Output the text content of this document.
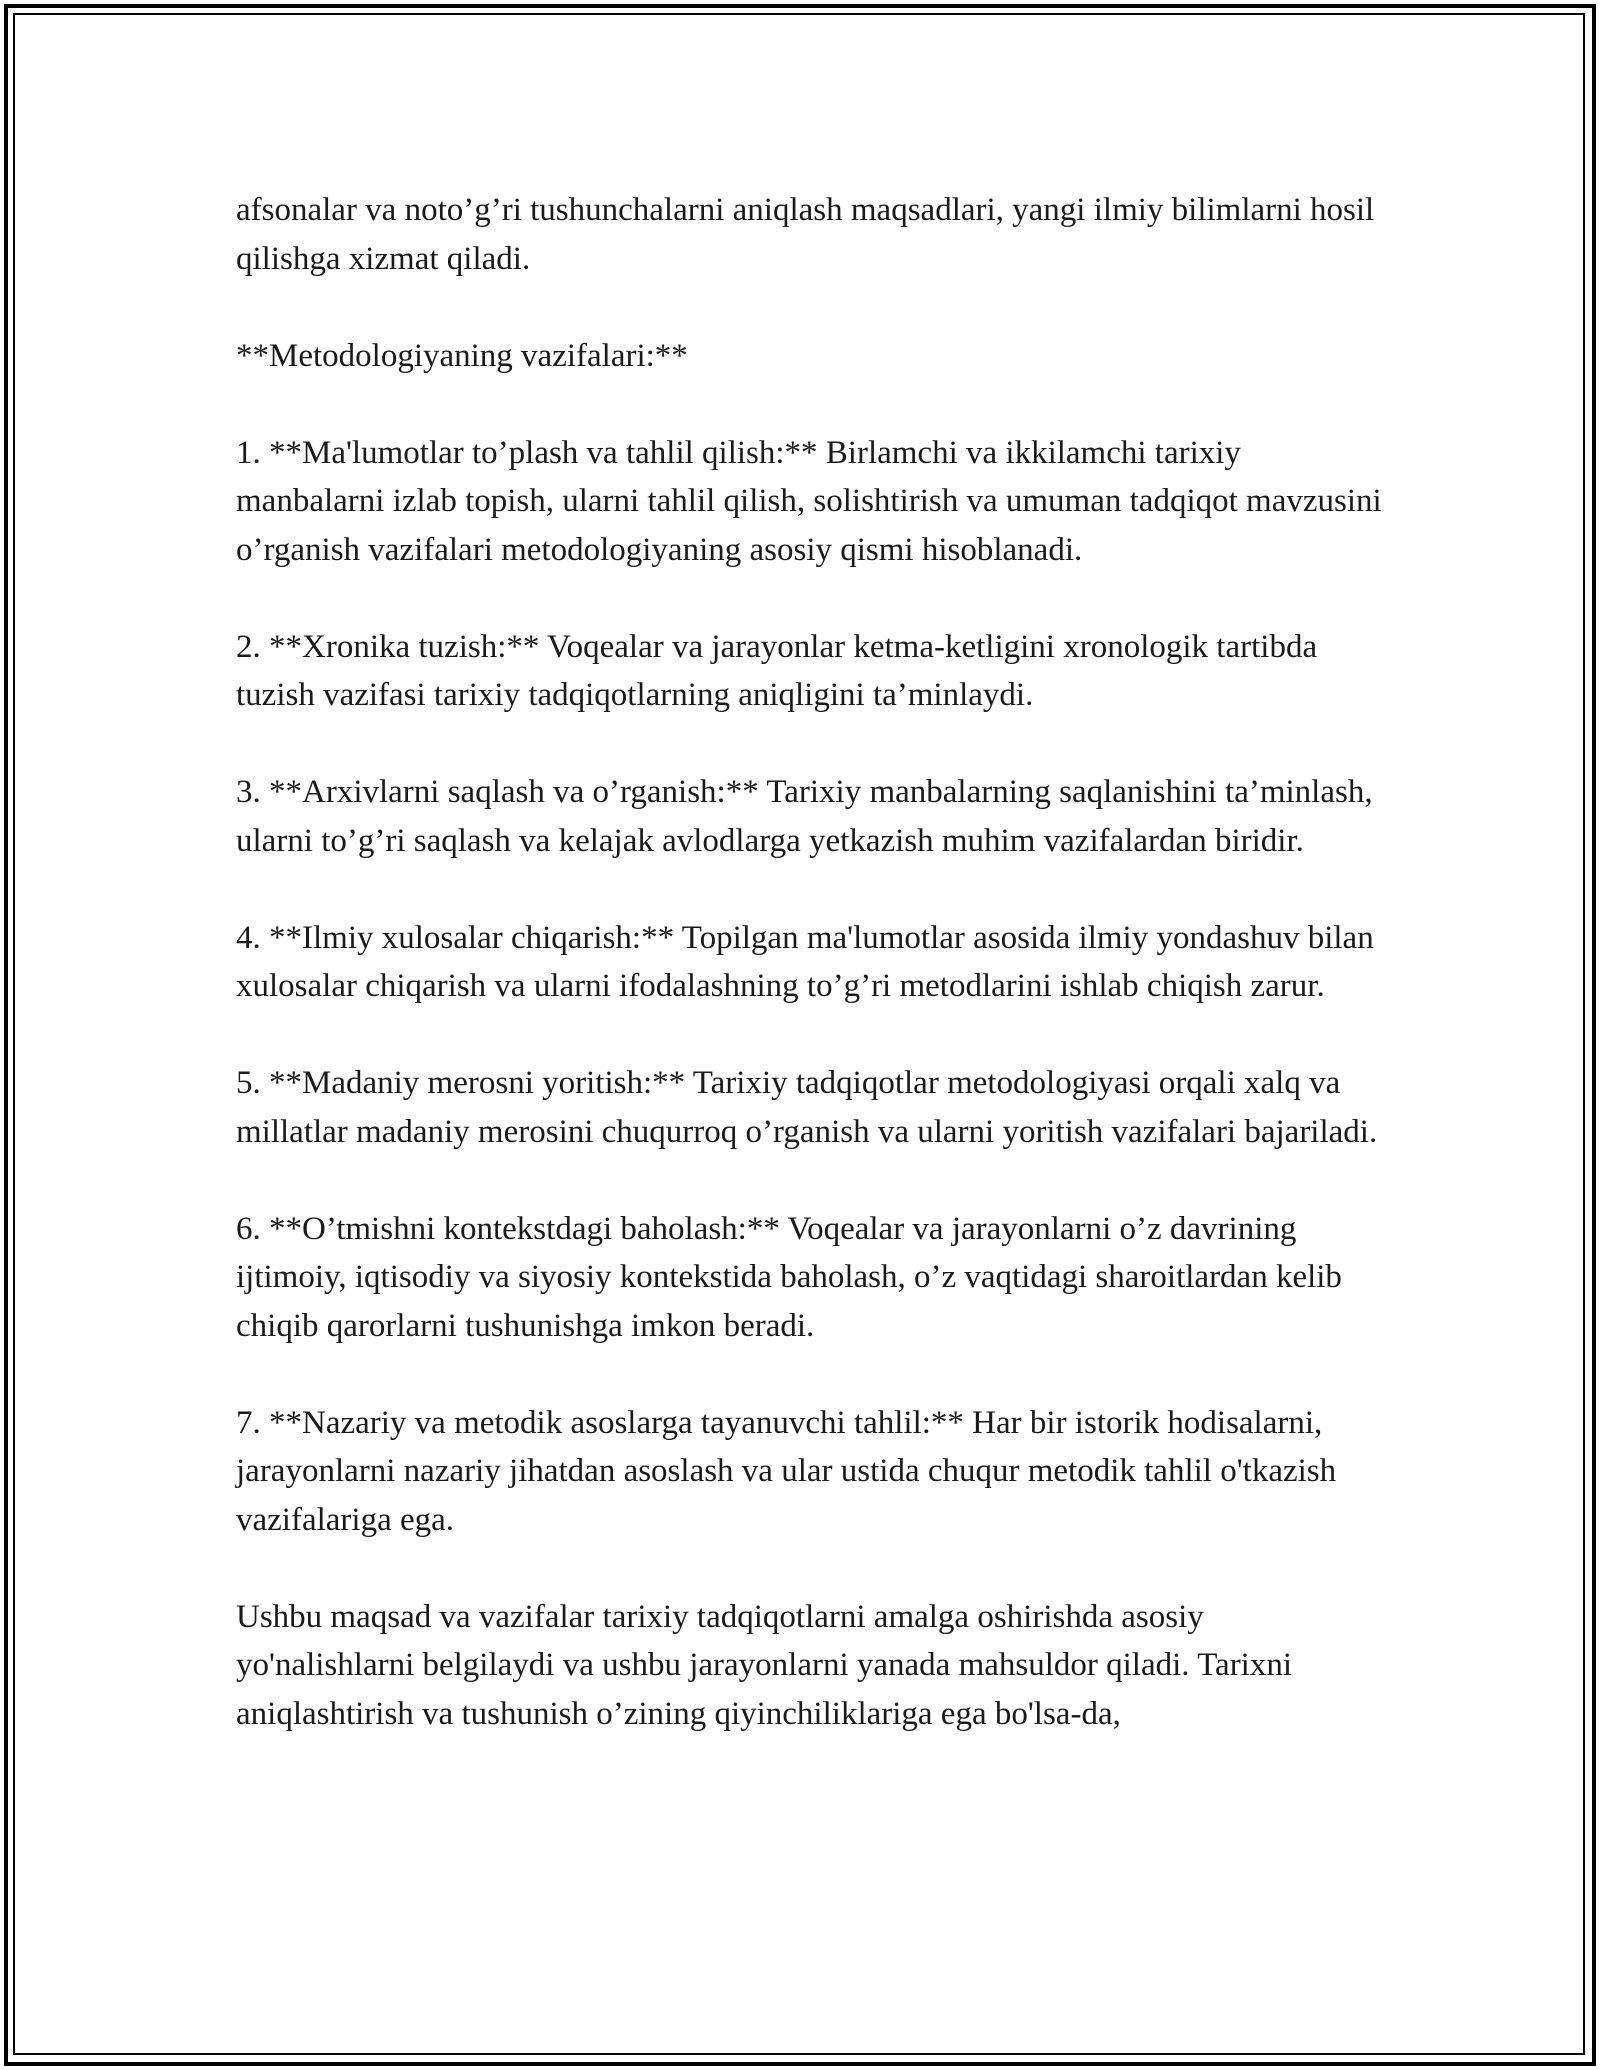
afsonalar va noto’g’ri tushunchalarni aniqlash maqsadlari, yangi ilmiy bilimlarni hosil qilishga xizmat qiladi.

**Metodologiyaning vazifalari:**

1. **Ma'lumotlar to’plash va tahlil qilish:** Birlamchi va ikkilamchi tarixiy manbalarni izlab topish, ularni tahlil qilish, solishtirish va umuman tadqiqot mavzusini o’rganish vazifalari metodologiyaning asosiy qismi hisoblanadi.

2. **Xronika tuzish:** Voqealar va jarayonlar ketma-ketligini xronologik tartibda tuzish vazifasi tarixiy tadqiqotlarning aniqligini ta’minlaydi.

3. **Arxivlarni saqlash va o’rganish:** Tarixiy manbalarning saqlanishini ta’minlash, ularni to’g’ri saqlash va kelajak avlodlarga yetkazish muhim vazifalardan biridir.

4. **Ilmiy xulosalar chiqarish:** Topilgan ma'lumotlar asosida ilmiy yondashuv bilan xulosalar chiqarish va ularni ifodalashning to’g’ri metodlarini ishlab chiqish zarur.

5. **Madaniy merosni yoritish:** Tarixiy tadqiqotlar metodologiyasi orqali xalq va millatlar madaniy merosini chuqurroq o’rganish va ularni yoritish vazifalari bajariladi.

6. **O’tmishni kontekstdagi baholash:** Voqealar va jarayonlarni o’z davrining ijtimoiy, iqtisodiy va siyosiy kontekstida baholash, o’z vaqtidagi sharoitlardan kelib chiqib qarorlarni tushunishga imkon beradi.

7. **Nazariy va metodik asoslarga tayanuvchi tahlil:** Har bir istorik hodisalarni, jarayonlarni nazariy jihatdan asoslash va ular ustida chuqur metodik tahlil o'tkazish vazifalariga ega.

Ushbu maqsad va vazifalar tarixiy tadqiqotlarni amalga oshirishda asosiy yo'nalishlarni belgilaydi va ushbu jarayonlarni yanada mahsuldor qiladi. Tarixni aniqlashtirish va tushunish o’zining qiyinchiliklariga ega bo'lsa-da,
